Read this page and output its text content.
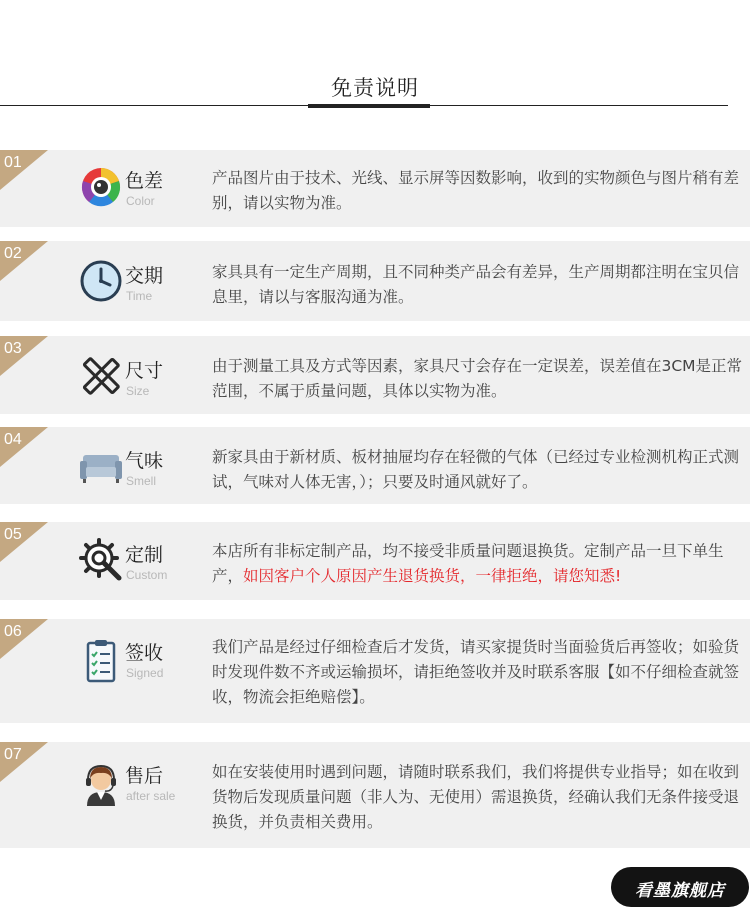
免责说明
01
色差
Color
产品图片由于技术、光线、显示屏等因数影响，收到的实物颜色与图片稍有差别，请以实物为准。
02
交期
Time
家具具有一定生产周期，且不同种类产品会有差异，生产周期都注明在宝贝信息里，请以与客服沟通为准。
03
尺寸
Size
由于测量工具及方式等因素，家具尺寸会存在一定误差，误差值在3CM是正常范围，不属于质量问题，具体以实物为准。
04
气味
Smell
新家具由于新材质、板材抽屉均存在轻微的气体（已经过专业检测机构正式测试，气味对人体无害，）；只要及时通风就好了。
05
定制
Custom
本店所有非标定制产品，均不接受非质量问题退换货。定制产品一旦下单生产，如因客户个人原因产生退货换货，一律拒绝，请您知悉!
06
签收
Signed
我们产品是经过仔细检查后才发货，请买家提货时当面验货后再签收；如验货时发现件数不齐或运输损坏，请拒绝签收并及时联系客服【如不仔细检查就签收，物流会拒绝赔偿】。
07
售后
after sale
如在安装使用时遇到问题，请随时联系我们，我们将提供专业指导；如在收到货物后发现质量问题（非人为、无使用）需退换货，经确认我们无条件接受退换货，并负责相关费用。
看墨旗舰店
